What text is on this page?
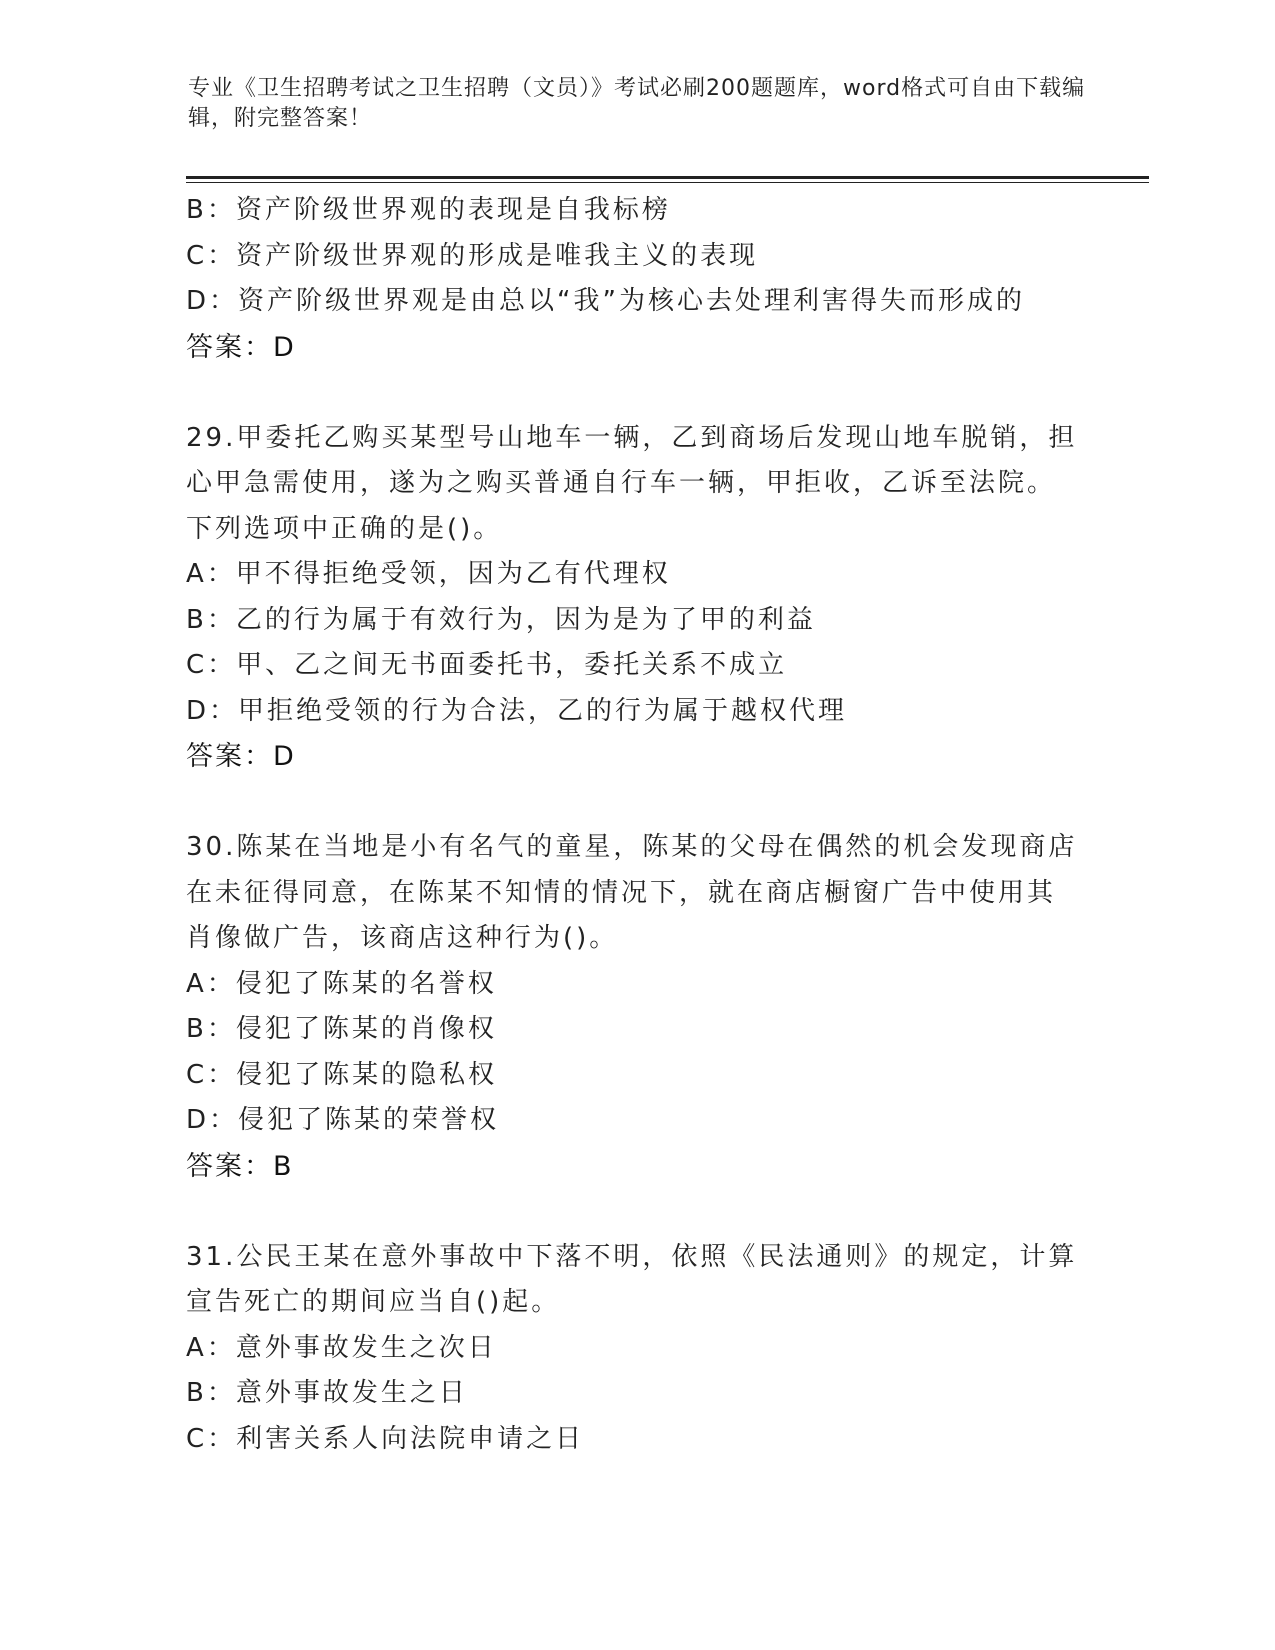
专业《卫生招聘考试之卫生招聘（文员）》考试必刷200题题库，word格式可自由下载编辑，附完整答案！
B：资产阶级世界观的表现是自我标榜
C：资产阶级世界观的形成是唯我主义的表现
D：资产阶级世界观是由总以“我”为核心去处理利害得失而形成的
答案：D
29.甲委托乙购买某型号山地车一辆，乙到商场后发现山地车脱销，担
心甲急需使用，遂为之购买普通自行车一辆，甲拒收，乙诉至法院。
下列选项中正确的是()。
A：甲不得拒绝受领，因为乙有代理权
B：乙的行为属于有效行为，因为是为了甲的利益
C：甲、乙之间无书面委托书，委托关系不成立
D：甲拒绝受领的行为合法，乙的行为属于越权代理
答案：D
30.陈某在当地是小有名气的童星，陈某的父母在偶然的机会发现商店
在未征得同意，在陈某不知情的情况下，就在商店橱窗广告中使用其
肖像做广告，该商店这种行为()。
A：侵犯了陈某的名誉权
B：侵犯了陈某的肖像权
C：侵犯了陈某的隐私权
D：侵犯了陈某的荣誉权
答案：B
31.公民王某在意外事故中下落不明，依照《民法通则》的规定，计算
宣告死亡的期间应当自()起。
A：意外事故发生之次日
B：意外事故发生之日
C：利害关系人向法院申请之日
